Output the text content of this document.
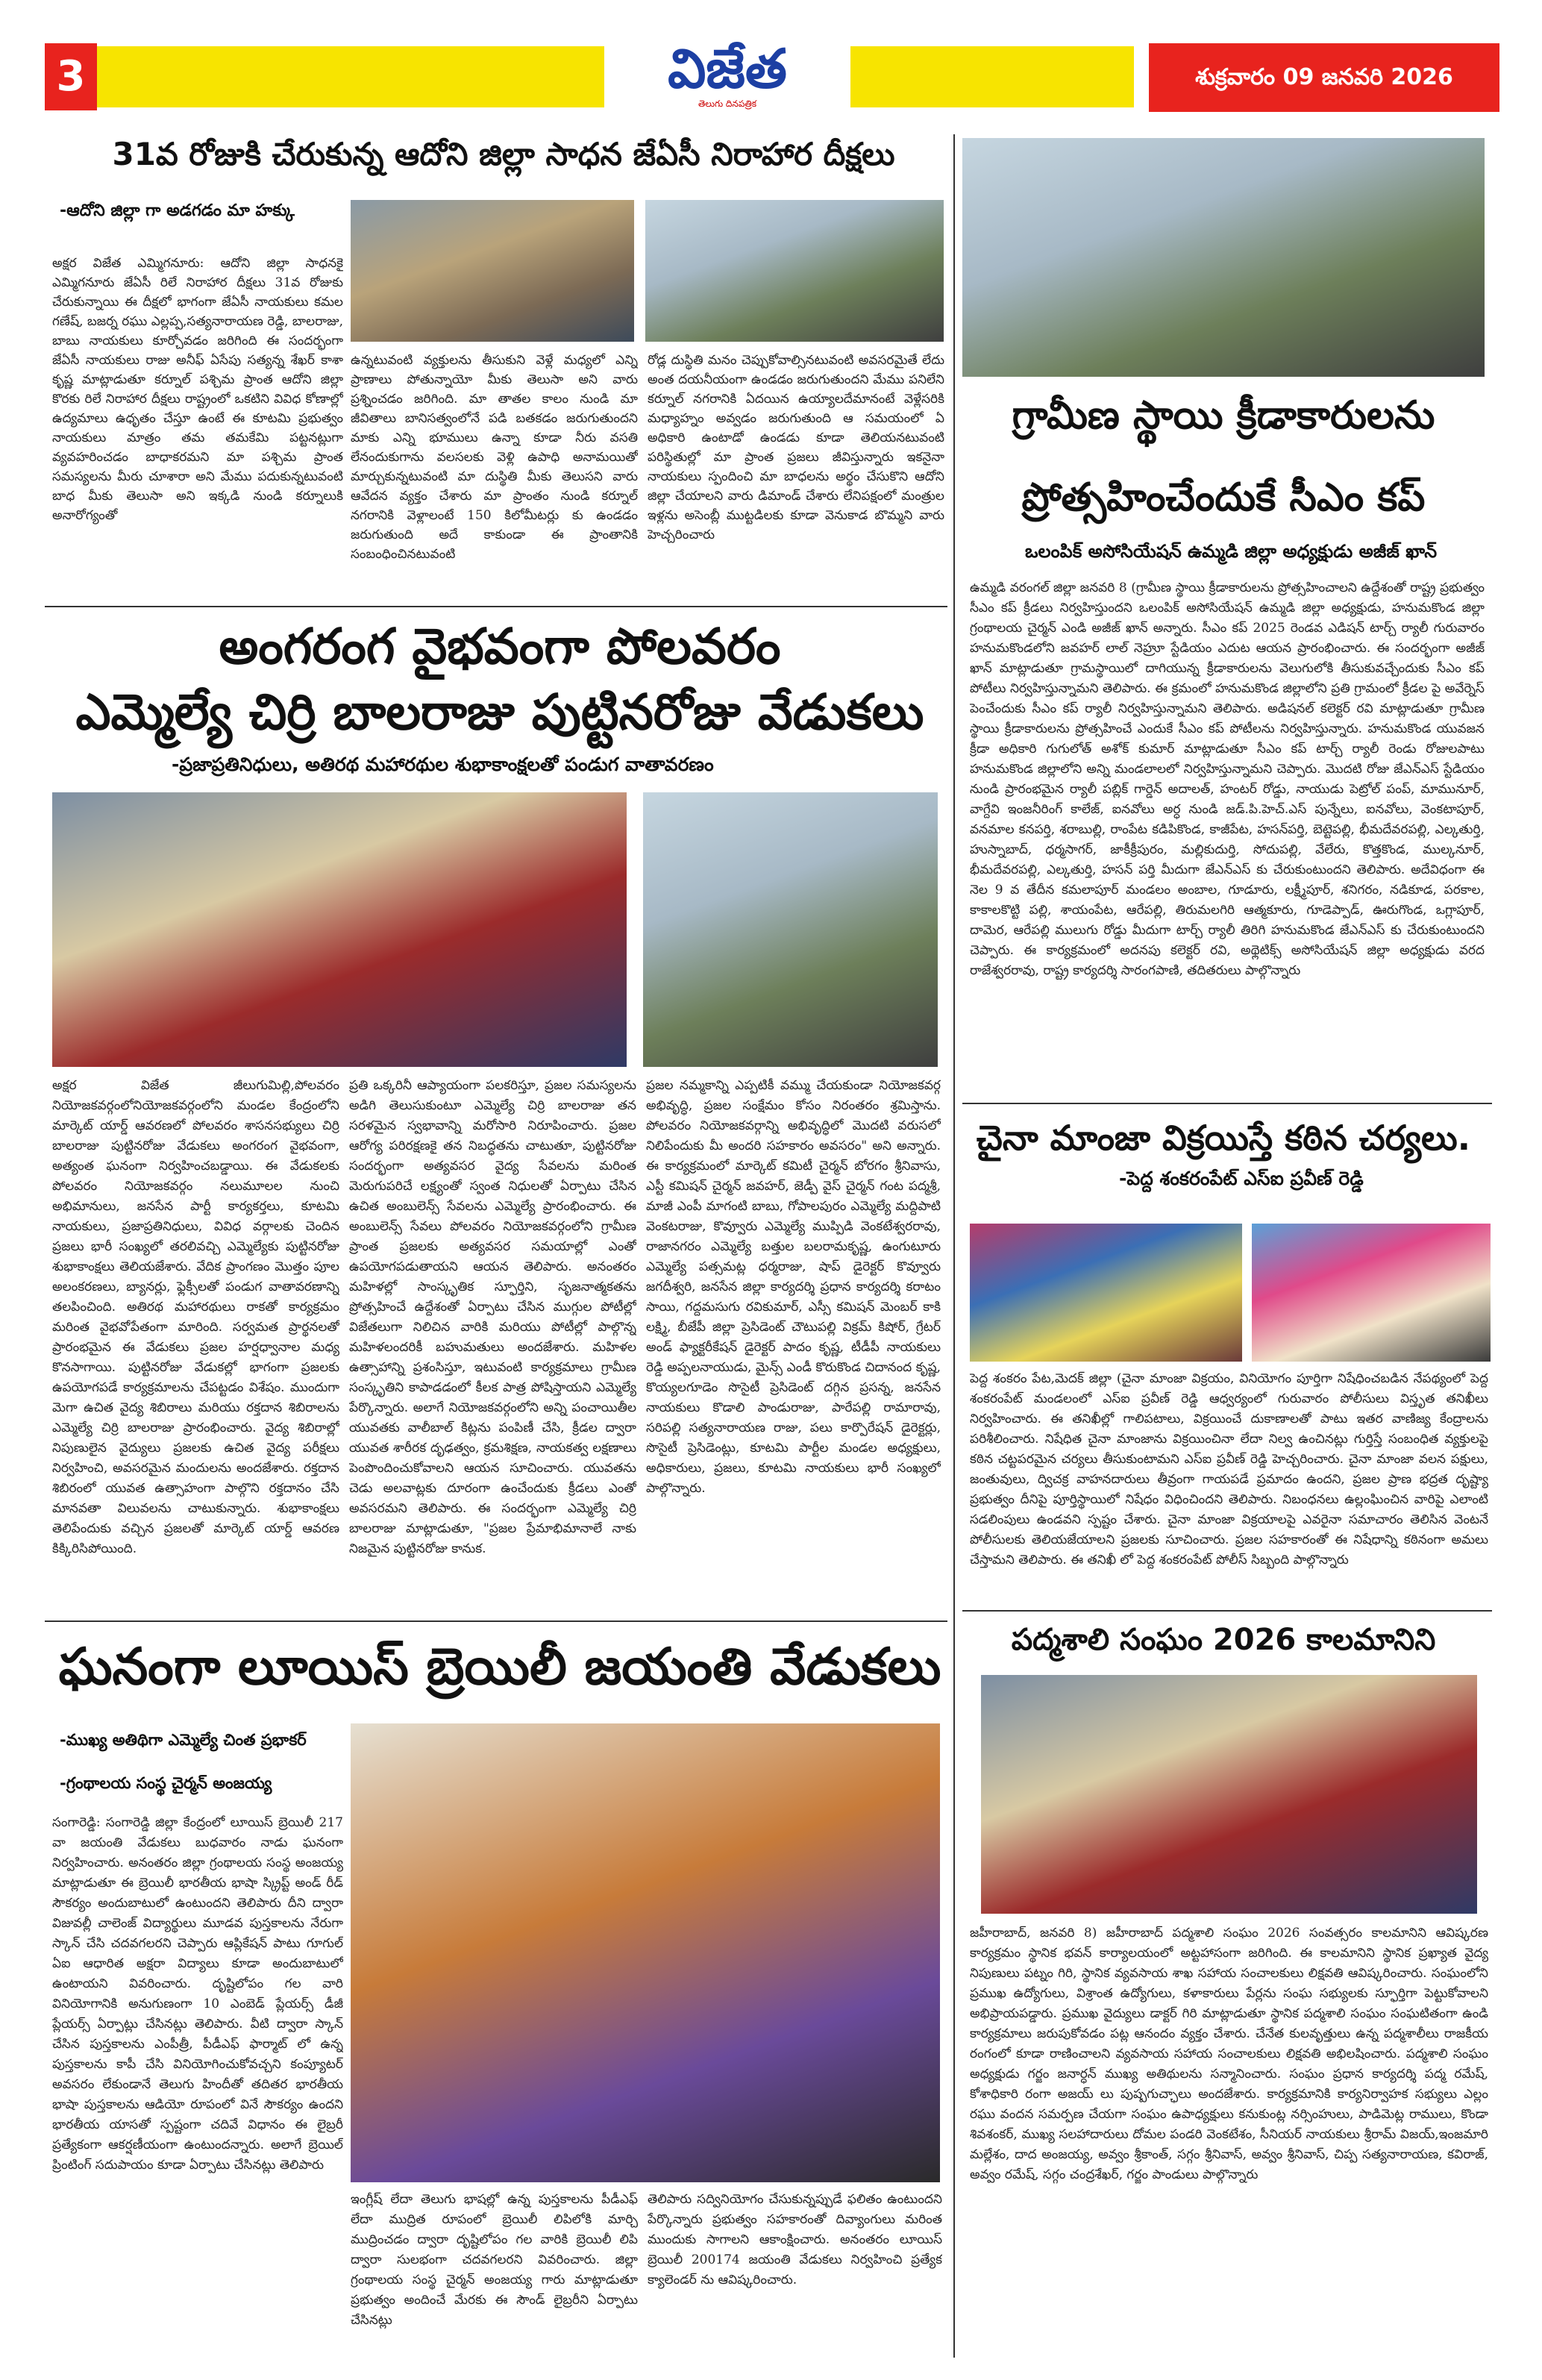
3	విజేత
తెలుగు దినపత్రిక
శుక్రవారం 09 జనవరి 2026
31వ రోజుకి చేరుకున్న ఆదోని జిల్లా సాధన జేఏసీ నిరాహార దీక్షలు
-ఆదోని జిల్లా గా అడగడం మా హక్కు
అక్షర విజేత ఎమ్మిగనూరు: ఆదోని జిల్లా సాధనకై ఎమ్మిగనూరు జేఏసీ రిలే నిరాహార దీక్షలు 31వ రోజుకు చేరుకున్నాయి ఈ దీక్షలో భాగంగా జేఏసీ నాయకులు కమల గణేష్, బజర్న రఘు ఎల్లప్ప,సత్యనారాయణ రెడ్డి, బాలరాజు, బాబు నాయకులు కూర్చోవడం జరిగింది ఈ సందర్భంగా జేఏసీ నాయకులు రాజు అనీఫ్ ఏసేపు సత్యన్న శేఖర్ కాశా కృష్ణ మాట్లాడుతూ కర్నూల్ పశ్చిమ ప్రాంత ఆదోని జిల్లా కొరకు రిలే నిరాహార దీక్షలు రాష్ట్రంలో ఒకటిని వివిధ కోణాల్లో ఉద్యమాలు ఉధృతం చేస్తూ ఉంటే ఈ కూటమి ప్రభుత్వం నాయకులు మాత్రం తమ తమకేమి పట్టనట్లుగా వ్యవహరించడం బాధాకరమని మా పశ్చిమ ప్రాంత సమస్యలను మీరు చూశారా అని మేము పదుకున్నటువంటి బాధ మీకు తెలుసా అని ఇక్కడి నుండి కర్నూలుకి అనారోగ్యంతో
ఉన్నటువంటి వ్యక్తులను తీసుకుని వెళ్లే మధ్యలో ఎన్ని ప్రాణాలు పోతున్నాయో మీకు తెలుసా అని వారు ప్రశ్నించడం జరిగింది. మా తాతల కాలం నుండి మా జీవితాలు బానిసత్వంలోనే పడి బతకడం జరుగుతుందని మాకు ఎన్ని భూములు ఉన్నా కూడా నీరు వసతి లేనందుకుగాను వలసలకు వెళ్లి ఉపాధి అనామయితో మార్చుకున్నటువంటి మా దుస్థితి మీకు తెలుసని వారు ఆవేదన వ్యక్తం చేశారు మా ప్రాంతం నుండి కర్నూల్ నగరానికి వెళ్లాలంటే 150 కిలోమీటర్లు కు ఉండడం జరుగుతుంది అదే కాకుండా ఈ ప్రాంతానికి సంబంధించినటువంటి
రోడ్ల దుస్థితి మనం చెప్పుకోవాల్సినటువంటి అవసరమైతే లేదు అంత దయనీయంగా ఉండడం జరుగుతుందని మేము పనిలేని కర్నూల్ నగరానికి ఏదయిన ఉయ్యాలదేమానంటే వెళ్లేసరికి మధ్యాహ్నం అవ్వడం జరుగుతుంది ఆ సమయంలో ఏ అధికారి ఉంటాడో ఉండడు కూడా తెలియనటువంటి పరిస్థితుల్లో మా ప్రాంత ప్రజలు జీవిస్తున్నారు ఇకనైనా నాయకులు స్పందించి మా బాధలను అర్థం చేసుకొని ఆదోని జిల్లా చేయాలని వారు డిమాండ్ చేశారు లేనిపక్షంలో మంత్రుల ఇళ్లను అసెంబ్లీ ముట్టడిలకు కూడా వెనుకాడ బొమ్మని వారు హెచ్చరించారు
అంగరంగ వైభవంగా పోలవరం
ఎమ్మెల్యే చిర్రి బాలరాజు పుట్టినరోజు వేడుకలు
-ప్రజాప్రతినిధులు, అతిరథ మహారథుల శుభాకాంక్షలతో పండుగ వాతావరణం
అక్షర విజేత జీలుగుమిల్లి,పోలవరం నియోజకవర్గంలోనియోజకవర్గంలోని మండల కేంద్రంలోని మార్కెట్ యార్డ్ ఆవరణలో పోలవరం శాసనసభ్యులు చిర్రి బాలరాజు పుట్టినరోజు వేడుకలు అంగరంగ వైభవంగా, అత్యంత ఘనంగా నిర్వహించబడ్డాయి. ఈ వేడుకలకు పోలవరం నియోజకవర్గం నలుమూలల నుంచి అభిమానులు, జనసేన పార్టీ కార్యకర్తలు, కూటమి నాయకులు, ప్రజాప్రతినిధులు, వివిధ వర్గాలకు చెందిన ప్రజలు భారీ సంఖ్యలో తరలివచ్చి ఎమ్మెల్యేకు పుట్టినరోజు శుభాకాంక్షలు తెలియజేశారు. వేదిక ప్రాంగణం మొత్తం పూల అలంకరణలు, బ్యానర్లు, ఫ్లెక్సీలతో పండుగ వాతావరణాన్ని తలపించింది. అతిరథ మహారథులు రాకతో కార్యక్రమం మరింత వైభవోపేతంగా మారింది. సర్వమత ప్రార్థనలతో ప్రారంభమైన ఈ వేడుకలు ప్రజల హర్షధ్వానాల మధ్య కొనసాగాయి. పుట్టినరోజు వేడుకల్లో భాగంగా ప్రజలకు ఉపయోగపడే కార్యక్రమాలను చేపట్టడం విశేషం. ముందుగా మెగా ఉచిత వైద్య శిబిరాలు మరియు రక్తదాన శిబిరాలను ఎమ్మెల్యే చిర్రి బాలరాజు ప్రారంభించారు. వైద్య శిబిరాల్లో నిపుణులైన వైద్యులు ప్రజలకు ఉచిత వైద్య పరీక్షలు నిర్వహించి, అవసరమైన మందులను అందజేశారు. రక్తదాన శిబిరంలో యువత ఉత్సాహంగా పాల్గొని రక్తదానం చేసి మానవతా విలువలను చాటుకున్నారు. శుభాకాంక్షలు తెలిపేందుకు వచ్చిన ప్రజలతో మార్కెట్ యార్డ్ ఆవరణ కిక్కిరిసిపోయింది.
ప్రతి ఒక్కరినీ ఆప్యాయంగా పలకరిస్తూ, ప్రజల సమస్యలను అడిగి తెలుసుకుంటూ ఎమ్మెల్యే చిర్రి బాలరాజు తన సరళమైన స్వభావాన్ని మరోసారి నిరూపించారు. ప్రజల ఆరోగ్య పరిరక్షణకై తన నిబద్ధతను చాటుతూ, పుట్టినరోజు సందర్భంగా అత్యవసర వైద్య సేవలను మరింత మెరుగుపరిచే లక్ష్యంతో స్వంత నిధులతో ఏర్పాటు చేసిన ఉచిత అంబులెన్స్ సేవలను ఎమ్మెల్యే ప్రారంభించారు. ఈ అంబులెన్స్ సేవలు పోలవరం నియోజకవర్గంలోని గ్రామీణ ప్రాంత ప్రజలకు అత్యవసర సమయాల్లో ఎంతో ఉపయోగపడుతాయని ఆయన తెలిపారు. అనంతరం మహిళల్లో సాంస్కృతిక స్ఫూర్తిని, సృజనాత్మకతను ప్రోత్సహించే ఉద్దేశంతో ఏర్పాటు చేసిన ముగ్గుల పోటీల్లో విజేతలుగా నిలిచిన వారికి మరియు పోటీల్లో పాల్గొన్న మహిళలందరికీ బహుమతులు అందజేశారు. మహిళల ఉత్సాహాన్ని ప్రశంసిస్తూ, ఇటువంటి కార్యక్రమాలు గ్రామీణ సంస్కృతిని కాపాడడంలో కీలక పాత్ర పోషిస్తాయని ఎమ్మెల్యే పేర్కొన్నారు. అలాగే నియోజకవర్గంలోని అన్ని పంచాయితీల యువతకు వాలీబాల్ కిట్లను పంపిణీ చేసి, క్రీడల ద్వారా యువత శారీరక దృఢత్వం, క్రమశిక్షణ, నాయకత్వ లక్షణాలు పెంపొందించుకోవాలని ఆయన సూచించారు. యువతను చెడు అలవాట్లకు దూరంగా ఉంచేందుకు క్రీడలు ఎంతో అవసరమని తెలిపారు. ఈ సందర్భంగా ఎమ్మెల్యే చిర్రి బాలరాజు మాట్లాడుతూ, "ప్రజల ప్రేమాభిమానాలే నాకు నిజమైన పుట్టినరోజు కానుక.
ప్రజల నమ్మకాన్ని ఎప్పటికీ వమ్ము చేయకుండా నియోజకవర్గ అభివృద్ధి, ప్రజల సంక్షేమం కోసం నిరంతరం శ్రమిస్తాను. పోలవరం నియోజకవర్గాన్ని అభివృద్ధిలో మొదటి వరుసలో నిలిపేందుకు మీ అందరి సహకారం అవసరం" అని అన్నారు. ఈ కార్యక్రమంలో మార్కెట్ కమిటీ చైర్మన్ బోరగం శ్రీనివాసు, ఎస్టీ కమిషన్ చైర్మన్ జవహర్, జెడ్పీ వైస్ చైర్మన్ గంట పద్మశ్రీ, మాజీ ఎంపీ మాగంటి బాబు, గోపాలపురం ఎమ్మెల్యే మద్దిపాటి వెంకటరాజు, కొవ్వూరు ఎమ్మెల్యే ముప్పిడి వెంకటేశ్వరరావు, రాజానగరం ఎమ్మెల్యే బత్తుల బలరామకృష్ణ, ఉంగుటూరు ఎమ్మెల్యే పత్సమట్ల ధర్మరాజు, షాప్ డైరెక్టర్ కొవ్వూరు జగదీశ్వరి, జనసేన జిల్లా కార్యదర్శి ప్రధాన కార్యదర్శి కరాటం సాయి, గద్దమసుగు రవికుమార్, ఎస్సీ కమిషన్ మెంబర్ కాకి లక్ష్మి, బీజేపీ జిల్లా ప్రెసిడెంట్ చౌటుపల్లి విక్రమ్ కిషోర్, గ్రేటర్ అండ్ ఫ్యాక్టరీకేషన్ డైరెక్టర్ పాదం కృష్ణ, టీడీపీ నాయకులు రెడ్డి అప్పలనాయుడు, మైన్స్ ఎండీ కొరుకొండ చిదానంద కృష్ణ, కొయ్యలగూడెం సొసైటీ ప్రెసిడెంట్ దగ్గిన ప్రసన్న, జనసేన నాయకులు కొడాలి పాండురాజు, పారేపల్లి రామారావు, సరిపల్లి సత్యనారాయణ రాజు, పలు కార్పొరేషన్ డైరెక్టర్లు, సొసైటీ ప్రెసిడెంట్లు, కూటమి పార్టీల మండల అధ్యక్షులు, అధికారులు, ప్రజలు, కూటమి నాయకులు భారీ సంఖ్యలో పాల్గొన్నారు.
ఘనంగా లూయిస్ బ్రెయిలీ జయంతి వేడుకలు
-ముఖ్య అతిథిగా ఎమ్మెల్యే చింత ప్రభాకర్
-గ్రంథాలయ సంస్థ చైర్మన్ అంజయ్య
సంగారెడ్డి: సంగారెడ్డి జిల్లా కేంద్రంలో లూయిస్ బ్రెయిలీ 217 వా జయంతి వేడుకలు బుధవారం నాడు ఘనంగా నిర్వహించారు. అనంతరం జిల్లా గ్రంథాలయ సంస్థ అంజయ్య మాట్లాడుతూ ఈ బ్రెయిలీ భారతీయ భాషా స్క్రిప్ట్ అండ్ రీడ్ సౌకర్యం అందుబాటులో ఉంటుందని తెలిపారు దీని ద్వారా విజువల్లీ చాలెంజ్ విద్యార్థులు మూడవ పుస్తకాలను నేరుగా స్కాన్ చేసి చదవగలరని చెప్పారు ఆప్లికేషన్ పాటు గూగుల్ ఏఐ ఆధారిత అక్షరా విద్యాలు కూడా అందుబాటులో ఉంటాయని వివరించారు. దృష్టిలోపం గల వారి వినియోగానికి అనుగుణంగా 10 ఎంబెడ్ ప్లేయర్స్ డీజీ ప్లేయర్స్ ఏర్పాట్లు చేసినట్లు తెలిపారు. వీటి ద్వారా స్కాన్ చేసిన పుస్తకాలను ఎంపీత్రీ, పీడీఎఫ్ ఫార్మాట్ లో ఉన్న పుస్తకాలను కాపీ చేసి వినియోగించుకోవచ్చని కంప్యూటర్ అవసరం లేకుండానే తెలుగు హిందీతో తదితర భారతీయ భాషా పుస్తకాలను ఆడియో రూపంలో వినే సౌకర్యం ఉందని భారతీయ యాసతో స్పష్టంగా చదివే విధానం ఈ లైబ్రరీ ప్రత్యేకంగా ఆకర్షణీయంగా ఉంటుందన్నారు. అలాగే బ్రెయిల్ ప్రింటింగ్ సదుపాయం కూడా ఏర్పాటు చేసినట్లు తెలిపారు
ఇంగ్లీష్ లేదా తెలుగు భాషల్లో ఉన్న పుస్తకాలను పీడీఎఫ్ లేదా ముద్రిత రూపంలో బ్రెయిలీ లిపిలోకి మార్చి ముద్రించడం ద్వారా దృష్టిలోపం గల వారికి బ్రెయిలీ లిపి ద్వారా సులభంగా చదవగలరని వివరించారు. జిల్లా గ్రంథాలయ సంస్థ చైర్మన్ అంజయ్య గారు మాట్లాడుతూ ప్రభుత్వం అందించే మేరకు ఈ సౌండ్ లైబ్రరీని ఏర్పాటు చేసినట్లు
తెలిపారు సద్వినియోగం చేసుకున్నప్పుడే ఫలితం ఉంటుందని పేర్కొన్నారు ప్రభుత్వం సహకారంతో దివ్యాంగులు మరింత ముందుకు సాగాలని ఆకాంక్షించారు. అనంతరం లూయిస్ బ్రెయిలీ 200174 జయంతి వేడుకలు నిర్వహించి ప్రత్యేక క్యాలెండర్ ను ఆవిష్కరించారు.
గ్రామీణ స్థాయి క్రీడాకారులను
ప్రోత్సహించేందుకే సీఎం కప్
ఒలంపిక్ అసోసియేషన్ ఉమ్మడి జిల్లా అధ్యక్షుడు అజీజ్ ఖాన్
ఉమ్మడి వరంగల్ జిల్లా జనవరి 8 (గ్రామీణ స్థాయి క్రీడాకారులను ప్రోత్సహించాలని ఉద్దేశంతో రాష్ట్ర ప్రభుత్వం సీఎం కప్ క్రీడలు నిర్వహిస్తుందని ఒలంపిక్ అసోసియేషన్ ఉమ్మడి జిల్లా అధ్యక్షుడు, హనుమకొండ జిల్లా గ్రంథాలయ చైర్మన్ ఎండి అజీజ్ ఖాన్ అన్నారు. సీఎం కప్ 2025 రెండవ ఎడిషన్ టార్చ్ ర్యాలీ గురువారం హనుమకొండలోని జవహర్ లాల్ నెహ్రూ స్టేడియం ఎదుట ఆయన ప్రారంభించారు. ఈ సందర్భంగా అజీజ్ ఖాన్ మాట్లాడుతూ గ్రామస్థాయిలో దాగియున్న క్రీడాకారులను వెలుగులోకి తీసుకువచ్చేందుకు సీఎం కప్ పోటీలు నిర్వహిస్తున్నామని తెలిపారు. ఈ క్రమంలో హనుమకొండ జిల్లాలోని ప్రతి గ్రామంలో క్రీడల పై అవేర్నెస్ పెంచేందుకు సీఎం కప్ ర్యాలీ నిర్వహిస్తున్నామని తెలిపారు. అడిషనల్ కలెక్టర్ రవి మాట్లాడుతూ గ్రామీణ స్థాయి క్రీడాకారులను ప్రోత్సహించే ఎందుకే సీఎం కప్ పోటీలను నిర్వహిస్తున్నారు. హనుమకొండ యువజన క్రీడా అధికారి గుగులోత్ అశోక్ కుమార్ మాట్లాడుతూ సీఎం కప్ టార్చ్ ర్యాలీ రెండు రోజులపాటు హనుమకొండ జిల్లాలోని అన్ని మండలాలలో నిర్వహిస్తున్నామని చెప్పారు. మొదటి రోజు జేఎన్ఎస్ స్టేడియం నుండి ప్రారంభమైన ర్యాలీ పబ్లిక్ గార్డెన్ అదాలత్, హంటర్ రోడ్డు, నాయుడు పెట్రోల్ పంప్, మామునూర్, వాగ్దేవి ఇంజనీరింగ్ కాలేజ్, ఐనవోలు అర్ధ నుండి జడ్.పి.హెచ్.ఎస్ పున్నేలు, ఐనవోలు, వెంకటాపూర్, వనమాల కనపర్తి, శరాబుల్లి, రాంపేట కడిపికొండ, కాజీపేట, హసన్‌పర్తి, బెట్టెపల్లి, భీమదేవరపల్లి, ఎల్కతుర్తి, హుస్నాబాద్, ధర్మసాగర్, జాకీక్రీపురం, మల్లికుదుర్తి, సోదుపల్లి, వేలేరు, కొత్తకొండ, ముల్కనూర్, భీమదేవరపల్లి, ఎల్కతుర్తి, హసన్ పర్తి మీదుగా జేఎన్ఎస్ కు చేరుకుంటుందని తెలిపారు. అదేవిధంగా ఈ నెల 9 వ తేదీన కమలాపూర్ మండలం అంబాల, గూడూరు, లక్ష్మీపూర్, శనిగరం, నడికూడ, పరకాల, కాకాలకొట్టి పల్లి, శాయంపేట, ఆరేపల్లి, తిరుమలగిరి ఆత్మకూరు, గూడెప్పాడ్, ఊరుగొండ, ఒగ్లాపూర్, దామెర, ఆరేపల్లి ములుగు రోడ్డు మీదుగా టార్చ్ ర్యాలీ తిరిగి హనుమకొండ జేఎన్ఎస్ కు చేరుకుంటుందని చెప్పారు. ఈ కార్యక్రమంలో అదనపు కలెక్టర్ రవి, అథ్లెటిక్స్ అసోసియేషన్ జిల్లా అధ్యక్షుడు వరద రాజేశ్వరరావు, రాష్ట్ర కార్యదర్శి సారంగపాణి, తదితరులు పాల్గొన్నారు
చైనా మాంజా విక్రయిస్తే కఠిన చర్యలు.
-పెద్ద శంకరంపేట్ ఎస్ఐ ప్రవీణ్ రెడ్డి
పెద్ద శంకరం పేట,మెదక్ జిల్లా (చైనా మాంజా విక్రయం, వినియోగం పూర్తిగా నిషేధించబడిన నేపథ్యంలో పెద్ద శంకరంపేట్ మండలంలో ఎస్ఐ ప్రవీణ్ రెడ్డి ఆధ్వర్యంలో గురువారం పోలీసులు విస్తృత తనిఖీలు నిర్వహించారు. ఈ తనిఖీల్లో గాలిపటాలు, విక్రయించే దుకాణాలతో పాటు ఇతర వాణిజ్య కేంద్రాలను పరిశీలించారు. నిషేధిత చైనా మాంజాను విక్రయించినా లేదా నిల్వ ఉంచినట్లు గుర్తిస్తే సంబంధిత వ్యక్తులపై కఠిన చట్టపరమైన చర్యలు తీసుకుంటామని ఎస్ఐ ప్రవీణ్ రెడ్డి హెచ్చరించారు. చైనా మాంజా వలన పక్షులు, జంతువులు, ద్విచక్ర వాహనదారులు తీవ్రంగా గాయపడే ప్రమాదం ఉందని, ప్రజల ప్రాణ భద్రత దృష్ట్యా ప్రభుత్వం దీనిపై పూర్తిస్థాయిలో నిషేధం విధించిందని తెలిపారు. నిబంధనలు ఉల్లంఘించిన వారిపై ఎలాంటి సడలింపులు ఉండవని స్పష్టం చేశారు. చైనా మాంజా విక్రయాలపై ఎవరైనా సమాచారం తెలిసిన వెంటనే పోలీసులకు తెలియజేయాలని ప్రజలకు సూచించారు. ప్రజల సహకారంతో ఈ నిషేధాన్ని కఠినంగా అమలు చేస్తామని తెలిపారు. ఈ తనిఖీ లో పెద్ద శంకరంపేట్ పోలీస్ సిబ్బంది పాల్గొన్నారు
పద్మశాలి సంఘం 2026 కాలమానిని
జహీరాబాద్, జనవరి 8) జహీరాబాద్ పద్మశాలి సంఘం 2026 సంవత్సరం కాలమానిని ఆవిష్కరణ కార్యక్రమం స్థానిక భవన్ కార్యాలయంలో అట్టహాసంగా జరిగింది. ఈ కాలమానిని స్థానిక ప్రఖ్యాత వైద్య నిపుణులు పట్నం గిరి, స్థానిక వ్యవసాయ శాఖ సహాయ సంచాలకులు లిక్షవతి ఆవిష్కరించారు. సంఘంలోని ప్రముఖ ఉద్యోగులు, విశ్రాంత ఉద్యోగులు, కళాకారులు పేర్లను సంఘ సభ్యులకు స్ఫూర్తిగా పెట్టుకోవాలని అభిప్రాయపడ్డారు. ప్రముఖ వైద్యులు డాక్టర్ గిరి మాట్లాడుతూ స్థానిక పద్మశాలి సంఘం సంఘటితంగా ఉండి కార్యక్రమాలు జరుపుకోవడం పట్ల ఆనందం వ్యక్తం చేశారు. చేనేత కులవృత్తులు ఉన్న పద్మశాలీలు రాజకీయ రంగంలో కూడా రాణించాలని వ్యవసాయ సహాయ సంచాలకులు లిక్షవతి అభిలషించారు. పద్మశాలి సంఘం అధ్యక్షుడు గర్జం జనార్ధన్ ముఖ్య అతిథులను సన్మానించారు. సంఘం ప్రధాన కార్యదర్శి పద్మ రమేష్, కోశాధికారి రంగా అజయ్ లు పుష్పగుచ్ఛాలు అందజేశారు. కార్యక్రమానికి కార్యనిర్వాహక సభ్యులు ఎల్లం రఘు వందన సమర్పణ చేయగా సంఘం ఉపాధ్యక్షులు కనుకుంట్ల నర్సింహులు, పాడిమెట్ల రాములు, కొండా శివశంకర్, ముఖ్య సలహాదారులు దోమల పండరి వెంకటేశం, సీనియర్ నాయకులు శ్రీరామ్ విజయ్,ఇంజమారి మల్లేశం, దాద అంజయ్య, అవ్వం శ్రీకాంత్, సగ్గం శ్రీనివాస్, అవ్వం శ్రీనివాస్, చిప్ప సత్యనారాయణ, కవిరాజ్, అవ్వం రమేష్, సగ్గం చంద్రశేఖర్, గర్జం పాండులు పాల్గొన్నారు
